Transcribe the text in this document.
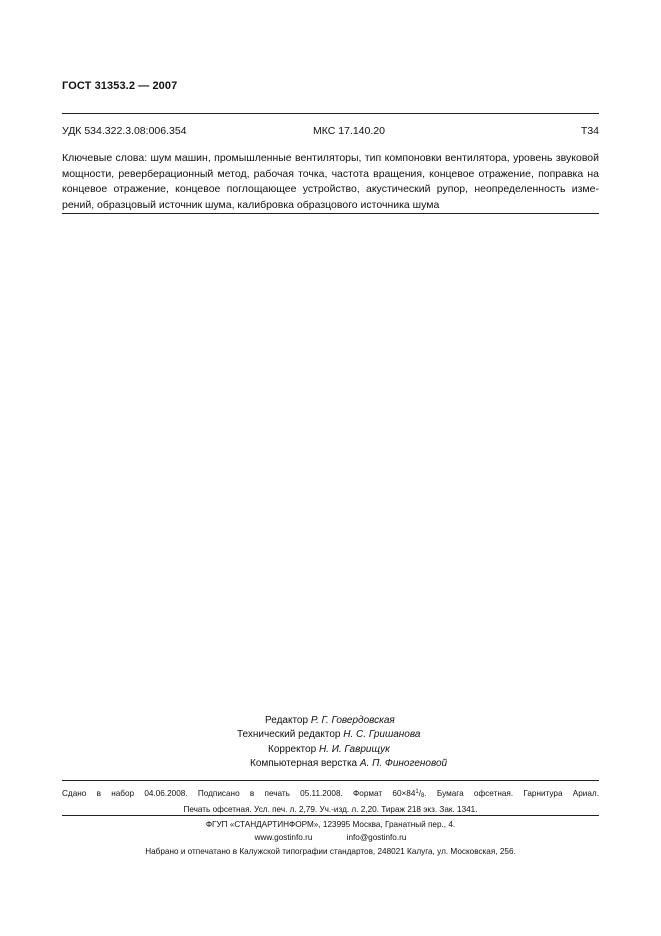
ГОСТ 31353.2 — 2007
УДК 534.322.3.08:006.354	МКС 17.140.20	Т34
Ключевые слова: шум машин, промышленные вентиляторы, тип компоновки вентилятора, уровень звуковой мощности, реверберационный метод, рабочая точка, частота вращения, концевое отражение, поправка на концевое отражение, концевое поглощающее устройство, акустический рупор, неопределенность измерений, образцовый источник шума, калибровка образцового источника шума
Редактор Р. Г. Говердовская
Технический редактор Н. С. Гришанова
Корректор Н. И. Гаврищук
Компьютерная верстка А. П. Финогеновой
Сдано в набор 04.06.2008. Подписано в печать 05.11.2008. Формат $60\times 84^1/_8$. Бумага офсетная. Гарнитура Ариал.
Печать офсетная. Усл. печ. л. 2,79. Уч.-изд. л. 2,20. Тираж 218 экз. Зак. 1341.
ФГУП «СТАНДАРТИНФОРМ», 123995 Москва, Гранатный пер., 4.
www.gostinfo.ru	info@gostinfo.ru
Набрано и отпечатано в Калужской типографии стандартов, 248021 Калуга, ул. Московская, 256.
